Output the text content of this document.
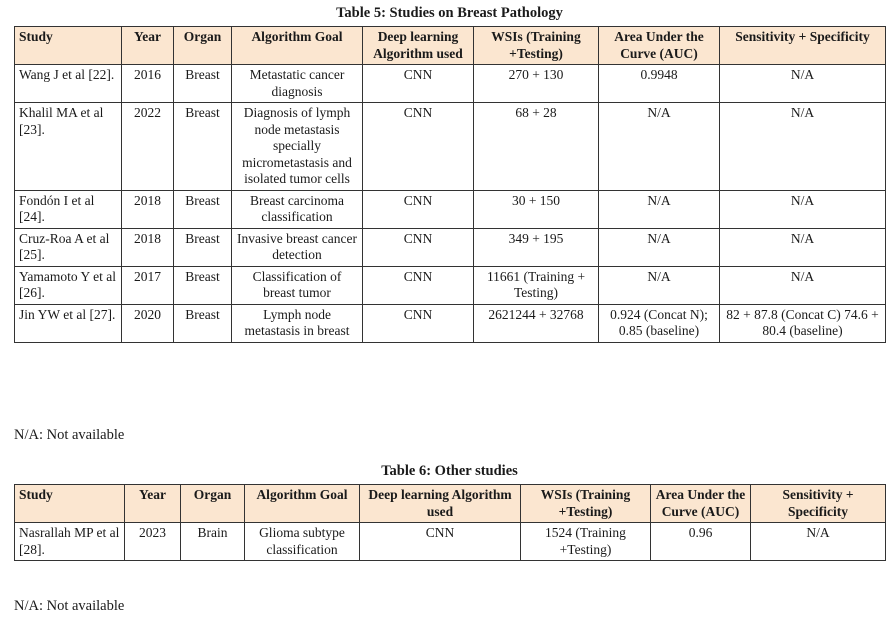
Table 5: Studies on Breast Pathology
Study	Year	Organ	Algorithm Goal	Deep learning Algorithm used	WSIs (Training +Testing)	Area Under the Curve (AUC)	Sensitivity + Specificity
Wang J et al [22].	2016	Breast	Metastatic cancer diagnosis	CNN	270 + 130	0.9948	N/A
Khalil MA et al [23].	2022	Breast	Diagnosis of lymph node metastasis specially micrometastasis and isolated tumor cells	CNN	68 + 28	N/A	N/A
Fondón I et al [24].	2018	Breast	Breast carcinoma classification	CNN	30 + 150	N/A	N/A
Cruz-Roa A et al [25].	2018	Breast	Invasive breast cancer detection	CNN	349 + 195	N/A	N/A
Yamamoto Y et al [26].	2017	Breast	Classification of breast tumor	CNN	11661 (Training + Testing)	N/A	N/A
Jin YW et al [27].	2020	Breast	Lymph node metastasis in breast	CNN	2621244 + 32768	0.924 (Concat N); 0.85 (baseline)	82 + 87.8 (Concat C) 74.6 + 80.4 (baseline)
N/A: Not available
Table 6: Other studies
Study	Year	Organ	Algorithm Goal	Deep learning Algorithm used	WSIs (Training +Testing)	Area Under the Curve (AUC)	Sensitivity + Specificity
Nasrallah MP et al [28].	2023	Brain	Glioma subtype classification	CNN	1524 (Training +Testing)	0.96	N/A
N/A: Not available
